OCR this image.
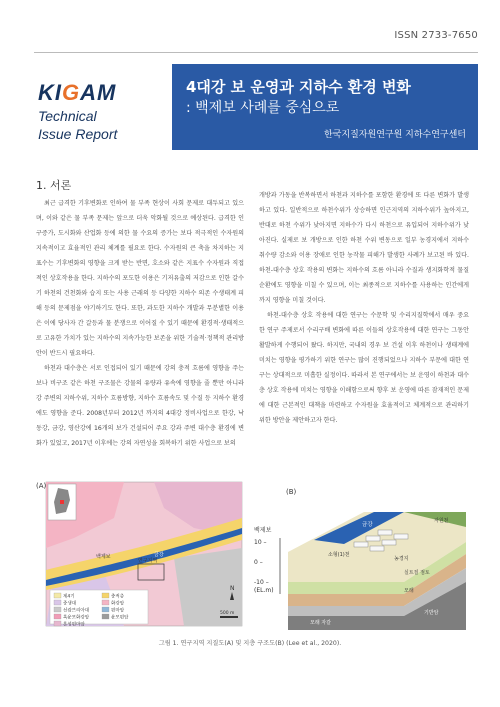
ISSN 2733-7650
KIGAM
Technical
Issue Report
4대강 보 운영과 지하수 환경 변화
: 백제보 사례를 중심으로
한국지질자원연구원 지하수연구센터
1. 서론

최근 급격한 기후변화로 인하여 물 부족 현상이 사회 문제로 대두되고 있으며, 이와 같은 물 부족 문제는 앞으로 더욱 악화될 것으로 예상된다. 급격한 인구증가, 도시화와 산업화 등에 의한 물 수요의 증가는 보다 적극적인 수자원의 지속적이고 효율적인 관리 체계를 필요로 한다. 수자원의 큰 축을 차지하는 지표수는 기후변화의 영향을 크게 받는 반면, 호소와 같은 지표수 수자원과 직접적인 상호작용을 한다. 지하수의 포도한 이용은 기저유출의 저감으로 인한 갈수기 하천의 건천화와 습지 또는 사용 근래의 등 다양한 지하수 의존 수생태계 피해 등의 문제점을 야기하기도 한다. 또한, 과도한 지하수 개발과 무분별한 이용은 이에 당사자 간 갈등과 물 분쟁으로 이어질 수 있기 때문에 환경적·생태적으로 고유한 가치가 있는 지하수의 지속가능한 보존을 위한 기술적·정책적 관리방안이 반드시 필요하다.

하천과 대수층은 서로 인접되어 있기 때문에 강의 충적 흐름에 영향을 주는 보나 비구조 같은 하천 구조물은 강물의 유량과 유속에 영향을 줄 뿐만 아니라 강 주변의 지하수위, 지하수 흐름방향, 지하수 흐름속도 및 수질 등 지하수 환경에도 영향을 준다. 2008년부터 2012년 까지의 4대강 정비사업으로 한강, 낙동강, 금강, 영산강에 16개의 보가 건설되어 주요 강과 주변 대수층 환경에 변화가 있었고, 2017년 이후에는 강의 자연성을 회복하기 위한 사업으로 보의

개방과 가동을 반복하면서 하천과 지하수를 포함한 환경에 또 다른 변화가 발생하고 있다. 일반적으로 하천수위가 상승하면 인근지역의 지하수위가 높아지고, 반대로 하천 수위가 낮아지면 지하수가 다시 하천으로 유입되어 지하수위가 낮아진다. 실제로 보 개방으로 인한 하천 수위 변동으로 일부 농경지에서 지하수 취수량 감소와 이용 장애로 인한 농작물 피해가 발생한 사례가 보고된 바 있다. 하천-대수층 상호 작용의 변화는 지하수의 흐름 아니라 수질과 생지화학적 물질 순환에도 영향을 미칠 수 있으며, 이는 최종적으로 지하수를 사용하는 인간에게까지 영향을 미칠 것이다.

하천-대수층 상호 작용에 대한 연구는 수문학 및 수리지질학에서 매우 중요한 연구 주제로서 수리구배 변화에 따른 이들의 상호작용에 대한 연구는 그동안 활발하게 수행되어 왔다. 하지만, 국내의 경우 보 건설 이후 하천이나 생태계에 미치는 영향을 평가하기 위한 연구는 많이 진행되었으나 지하수 부문에 대한 연구는 상대적으로 미흡한 실정이다. 따라서 본 연구에서는 보 운영이 하천과 대수층 상호 작용에 미치는 영향을 이해함으로써 향후 보 운영에 따른 잠재적인 문제에 대한 근본적인 대책을 마련하고 수자원을 효율적이고 체계적으로 관리하기 위한 방안을 제안하고자 한다.

(A)
금강
백제보
연구지역
N
500 m
제4기	충적층
중생대	화강암
선캄브리아대	편마암
흑운모화강암	운모편암
혼성편마암
(B)
백제보
10 –
0 –
-10 –
(EL.m)
금강
자원천
소형(1)천
실트질 점토
모래
모래 자갈
기반암
농경지
그림 1. 연구지역 지질도(A) 및 지층 구조도(B) (Lee et al., 2020).
